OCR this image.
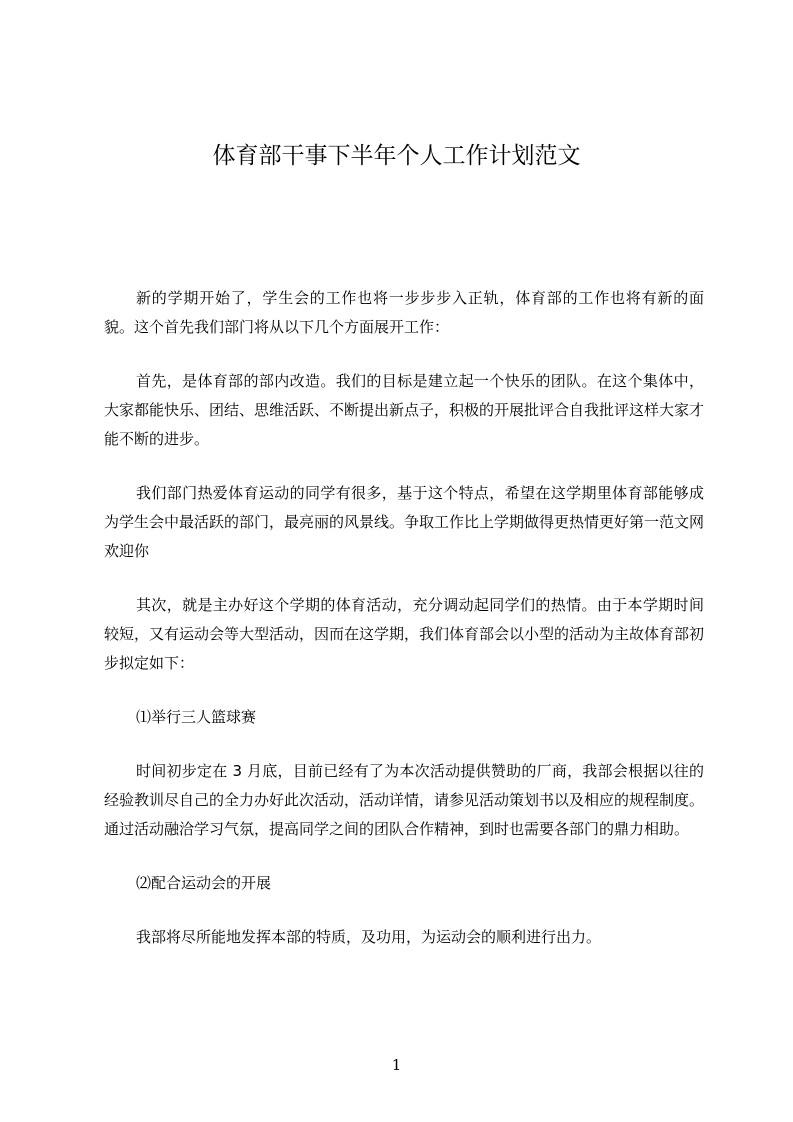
体育部干事下半年个人工作计划范文

新的学期开始了，学生会的工作也将一步步步入正轨，体育部的工作也将有新的面貌。这个首先我们部门将从以下几个方面展开工作：

首先，是体育部的部内改造。我们的目标是建立起一个快乐的团队。在这个集体中，大家都能快乐、团结、思维活跃、不断提出新点子，积极的开展批评合自我批评这样大家才能不断的进步。

我们部门热爱体育运动的同学有很多，基于这个特点，希望在这学期里体育部能够成为学生会中最活跃的部门，最亮丽的风景线。争取工作比上学期做得更热情更好第一范文网欢迎你

其次，就是主办好这个学期的体育活动，充分调动起同学们的热情。由于本学期时间较短，又有运动会等大型活动，因而在这学期，我们体育部会以小型的活动为主故体育部初步拟定如下：

⑴举行三人篮球赛

时间初步定在 3 月底，目前已经有了为本次活动提供赞助的厂商，我部会根据以往的经验教训尽自己的全力办好此次活动，活动详情，请参见活动策划书以及相应的规程制度。通过活动融洽学习气氛，提高同学之间的团队合作精神，到时也需要各部门的鼎力相助。

⑵配合运动会的开展

我部将尽所能地发挥本部的特质，及功用，为运动会的顺利进行出力。

1
